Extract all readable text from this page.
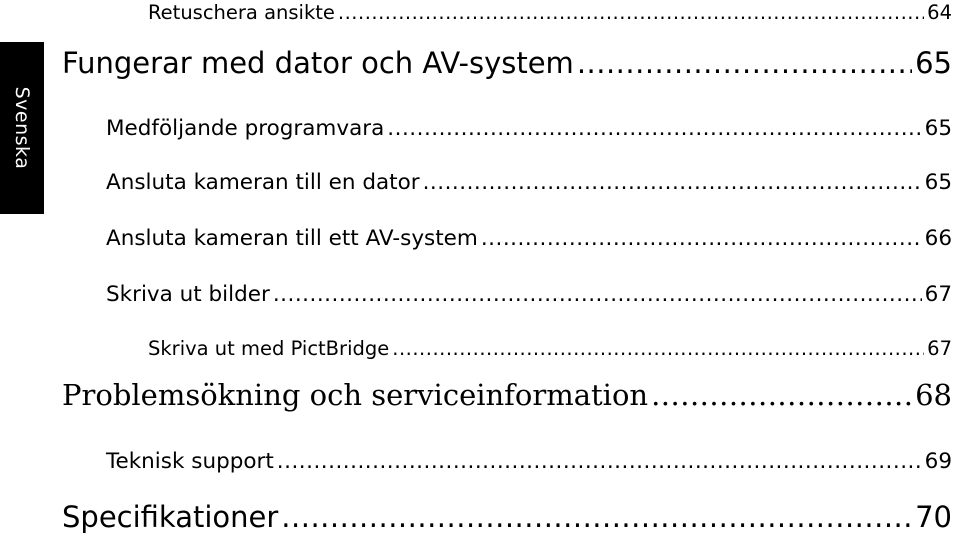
Svenska
Retuschera ansikte .....	64
Fungerar med dator och AV-system .....	65
Medföljande programvara .....	65
Ansluta kameran till en dator .....	65
Ansluta kameran till ett AV-system .....	66
Skriva ut bilder .....	67
Skriva ut med PictBridge .....	67
Problemsökning och serviceinformation .....	68
Teknisk support .....	69
Specifikationer .....	70
